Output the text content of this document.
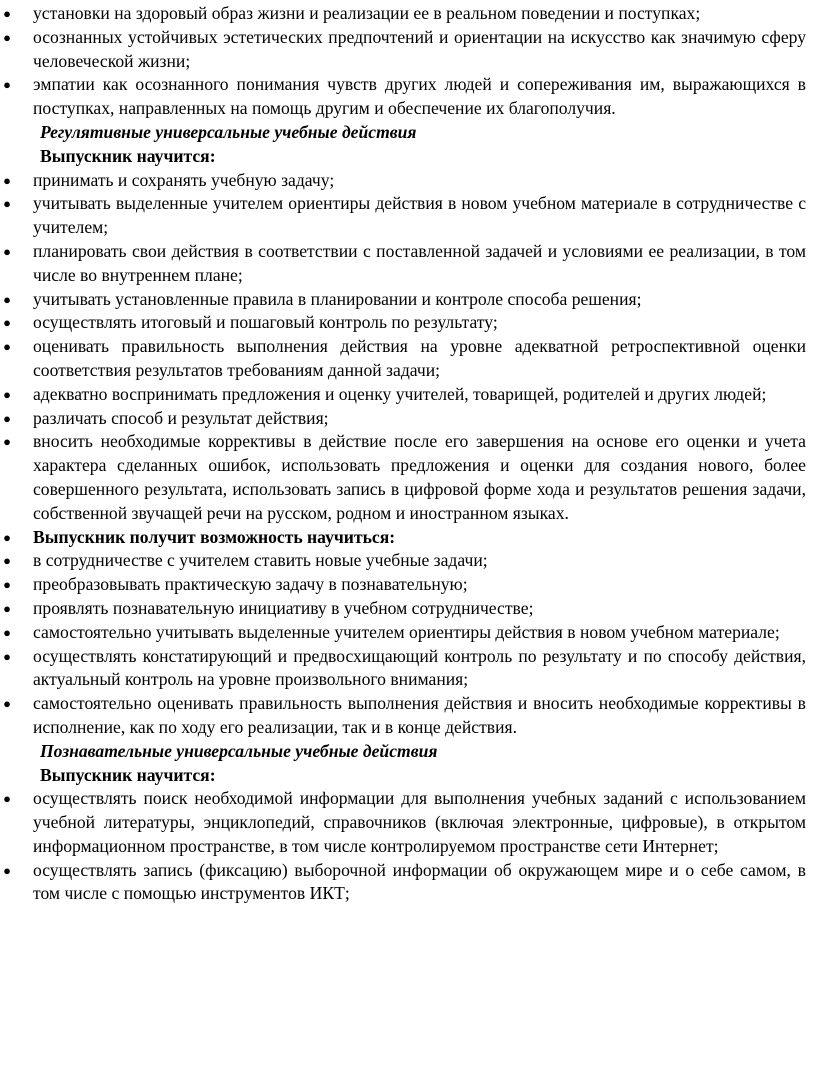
● установки на здоровый образ жизни и реализации ее в реальном поведении и поступках;
● осознанных устойчивых эстетических предпочтений и ориентации на искусство как значимую сферу человеческой жизни;
● эмпатии как осознанного понимания чувств других людей и сопереживания им, выражающихся в поступках, направленных на помощь другим и обеспечение их благополучия.

Регулятивные универсальные учебные действия

Выпускник научится:

● принимать и сохранять учебную задачу;
● учитывать выделенные учителем ориентиры действия в новом учебном материале в сотрудничестве с учителем;
● планировать свои действия в соответствии с поставленной задачей и условиями ее реализации, в том числе во внутреннем плане;
● учитывать установленные правила в планировании и контроле способа решения;
● осуществлять итоговый и пошаговый контроль по результату;
● оценивать правильность выполнения действия на уровне адекватной ретроспективной оценки соответствия результатов требованиям данной задачи;
● адекватно воспринимать предложения и оценку учителей, товарищей, родителей и других людей;
● различать способ и результат действия;
● вносить необходимые коррективы в действие после его завершения на основе его оценки и учета характера сделанных ошибок, использовать предложения и оценки для создания нового, более совершенного результата, использовать запись в цифровой форме хода и результатов решения задачи, собственной звучащей речи на русском, родном и иностранном языках.
● Выпускник получит возможность научиться:
● в сотрудничестве с учителем ставить новые учебные задачи;
● преобразовывать практическую задачу в познавательную;
● проявлять познавательную инициативу в учебном сотрудничестве;
● самостоятельно учитывать выделенные учителем ориентиры действия в новом учебном материале;
● осуществлять констатирующий и предвосхищающий контроль по результату и по способу действия, актуальный контроль на уровне произвольного внимания;
● самостоятельно оценивать правильность выполнения действия и вносить необходимые коррективы в исполнение, как по ходу его реализации, так и в конце действия.

Познавательные универсальные учебные действия

Выпускник научится:

● осуществлять поиск необходимой информации для выполнения учебных заданий с использованием учебной литературы, энциклопедий, справочников (включая электронные, цифровые), в открытом информационном пространстве, в том числе контролируемом пространстве сети Интернет;
● осуществлять запись (фиксацию) выборочной информации об окружающем мире и о себе самом, в том числе с помощью инструментов ИКТ;
